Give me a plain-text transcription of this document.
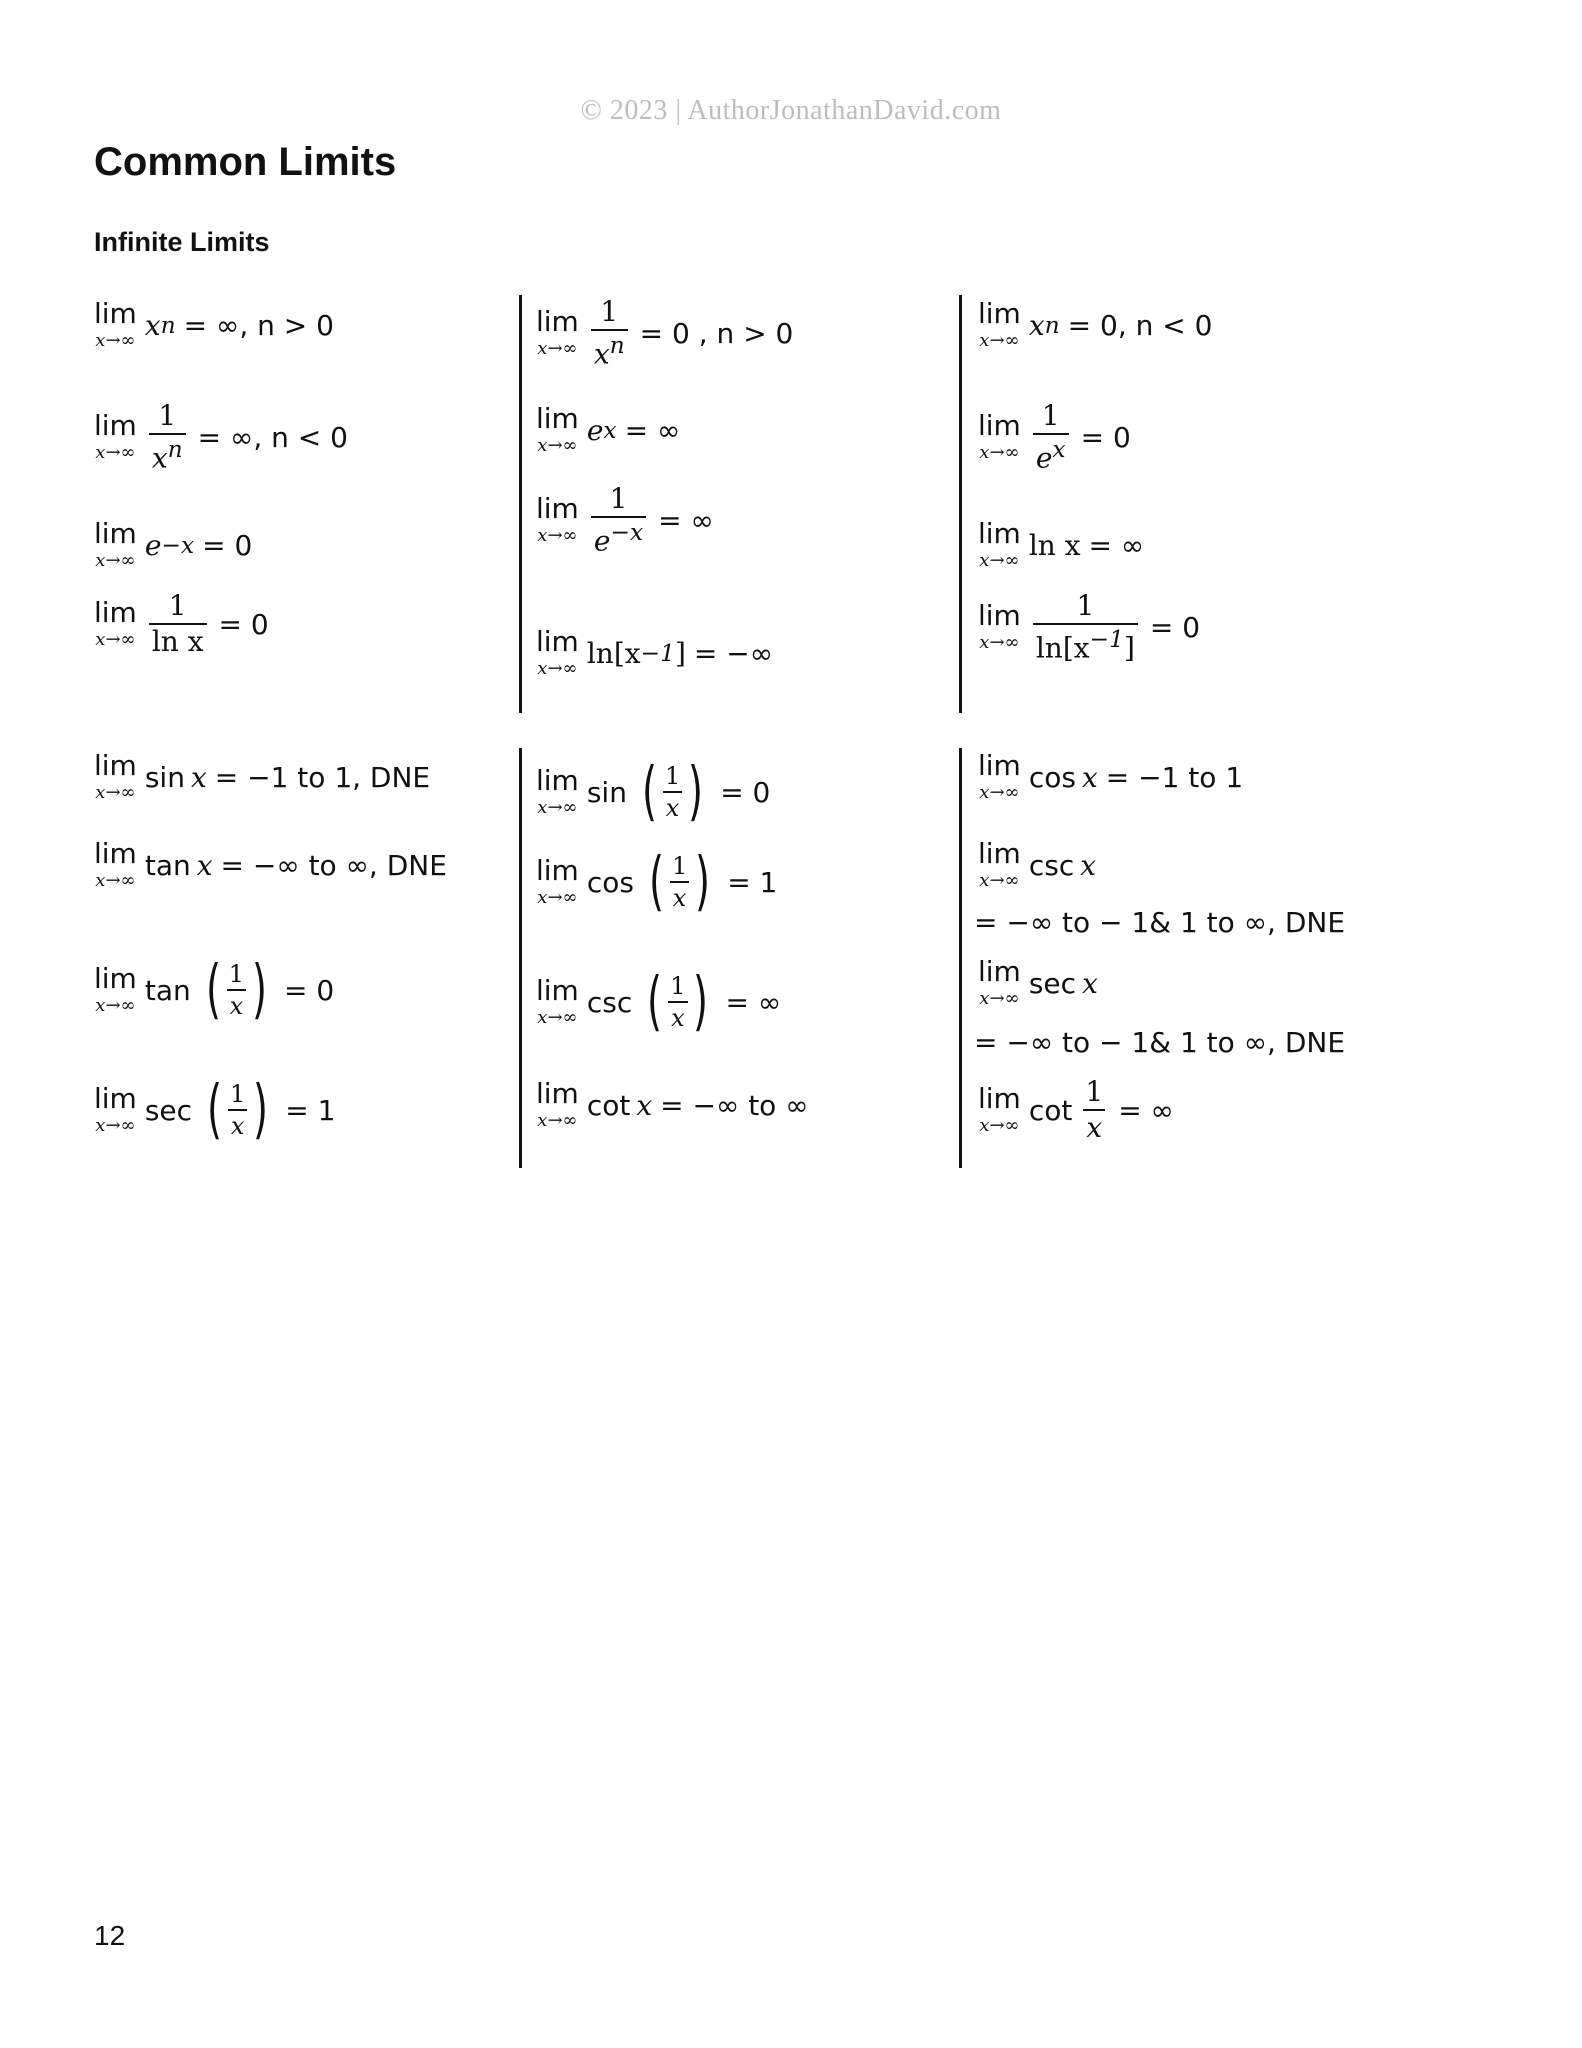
© 2023 | AuthorJonathanDavid.com
Common Limits
Infinite Limits
lim
x→∞ x n = ∞, n > 0
lim
$x\to\infty \frac{1}{x^n}$ = ∞, n < 0
lim
x→∞ e −x = 0
lim
$x\to\infty \frac{1}{\text{ln x}} = 0$
lim
$x\to\infty \frac{1}{x^n} = 0$ , n > 0
lim
x→∞ e x = ∞
lim
$x\to\infty \frac{1}{e^{-x}}$ = ∞
lim
x→∞ ln[x −1 ] = −∞
lim
x→∞ x n = 0, n < 0
lim
$x\to\infty \frac{1}{e^x} = 0$
lim
x→∞ ln x = ∞
lim
$x\to\infty \frac{1}{\ln[x^{-1}]} = 0$
lim
x→∞ sin x = −1 to 1, DNE
lim
x→∞ tan x = −∞ to ∞, DNE
lim
x→∞ tan ( $\frac{1}{x}$ ) = 0
lim
x→∞ sec ( $\frac{1}{x}$ ) = 1
lim
x→∞ sin ( $\frac{1}{x}$ ) = 0
lim
x→∞ cos ( $\frac{1}{x}$ ) = 1
lim
x→∞ csc ( $\frac{1}{x}$ ) = ∞
lim
x→∞ cot x = −∞ to ∞
lim
x→∞ cos x = −1 to 1
lim
x→∞ csc x
= −∞ to − 1& 1 to ∞, DNE
lim
x→∞ sec x
= −∞ to − 1& 1 to ∞, DNE
lim
x→∞ $\cot \frac{1}{x}$ = ∞
12
